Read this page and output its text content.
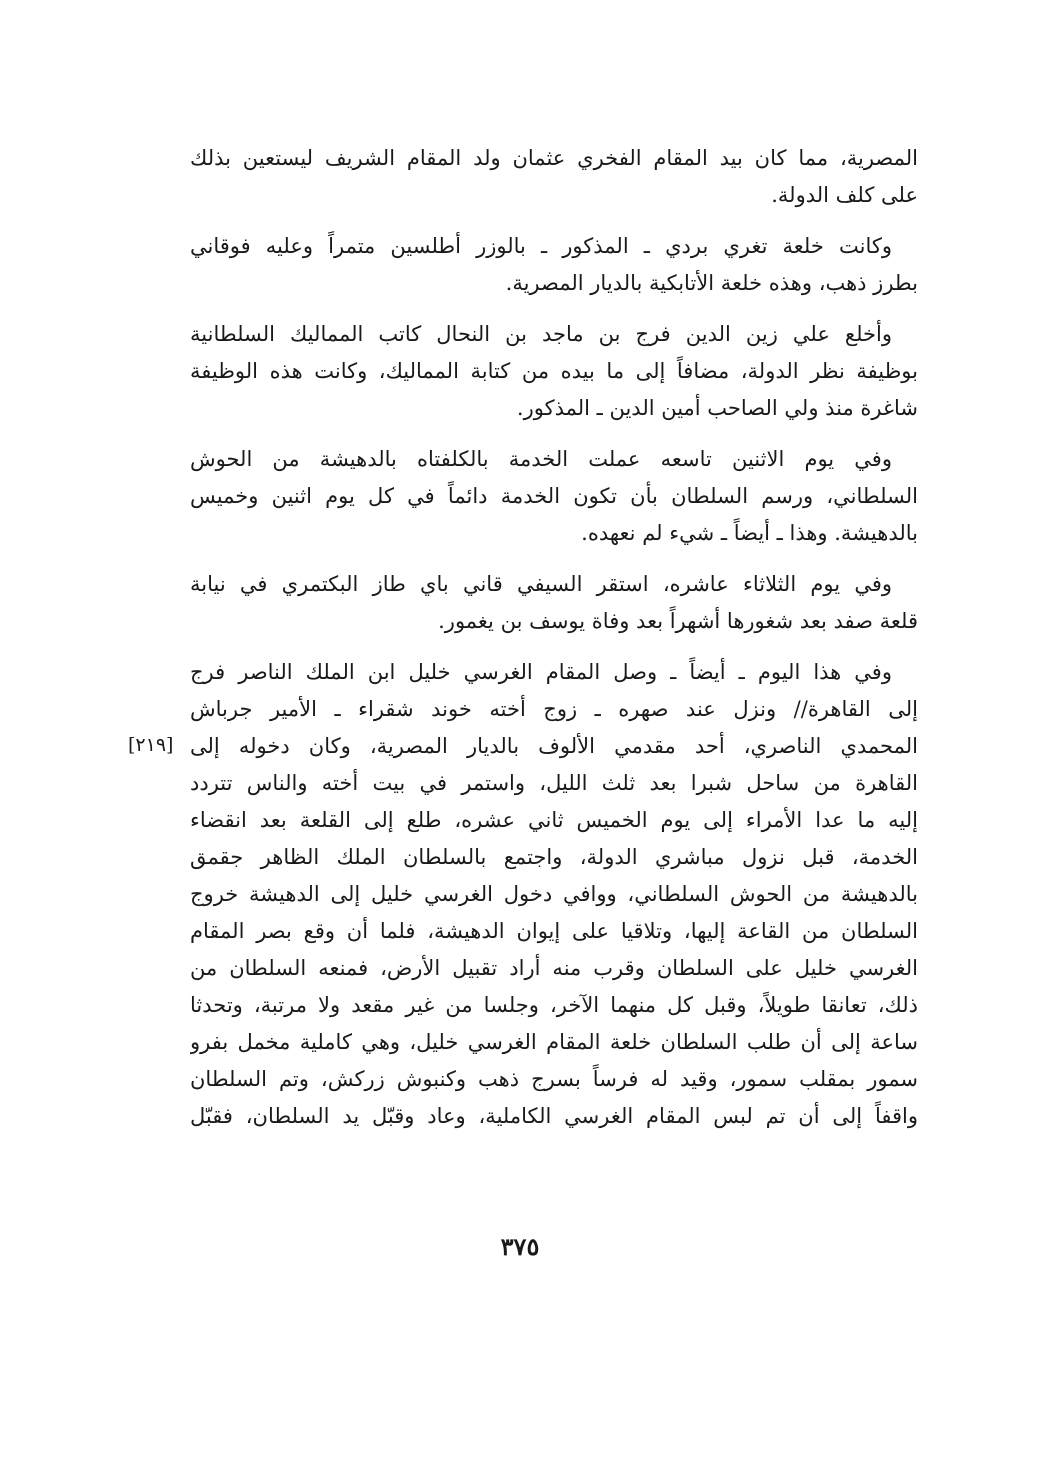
المصرية، مما كان بيد المقام الفخري عثمان ولد المقام الشريف ليستعين بذلك
على كلف الدولة.

وكانت خلعة تغري بردي ـ المذكور ـ بالوزر أطلسين متمراً وعليه فوقاني
بطرز ذهب، وهذه خلعة الأتابكية بالديار المصرية.

وأخلع علي زين الدين فرج بن ماجد بن النحال كاتب المماليك السلطانية
بوظيفة نظر الدولة، مضافاً إلى ما بيده من كتابة المماليك، وكانت هذه الوظيفة
شاغرة منذ ولي الصاحب أمين الدين ـ المذكور.

وفي يوم الاثنين تاسعه عملت الخدمة بالكلفتاه بالدهيشة من الحوش
السلطاني، ورسم السلطان بأن تكون الخدمة دائماً في كل يوم اثنين وخميس
بالدهيشة. وهذا ـ أيضاً ـ شيء لم نعهده.

وفي يوم الثلاثاء عاشره، استقر السيفي قاني باي طاز البكتمري في نيابة
قلعة صفد بعد شغورها أشهراً بعد وفاة يوسف بن يغمور.

وفي هذا اليوم ـ أيضاً ـ وصل المقام الغرسي خليل ابن الملك الناصر فرج
إلى القاهرة// ونزل عند صهره ـ زوج أخته خوند شقراء ـ الأمير جرباش
المحمدي الناصري، أحد مقدمي الألوف بالديار المصرية، وكان دخوله إلى
القاهرة من ساحل شبرا بعد ثلث الليل، واستمر في بيت أخته والناس تتردد
إليه ما عدا الأمراء إلى يوم الخميس ثاني عشره، طلع إلى القلعة بعد انقضاء
الخدمة، قبل نزول مباشري الدولة، واجتمع بالسلطان الملك الظاهر جقمق
بالدهيشة من الحوش السلطاني، ووافي دخول الغرسي خليل إلى الدهيشة خروج
السلطان من القاعة إليها، وتلاقيا على إيوان الدهيشة، فلما أن وقع بصر المقام
الغرسي خليل على السلطان وقرب منه أراد تقبيل الأرض، فمنعه السلطان من
ذلك، تعانقا طويلاً، وقبل كل منهما الآخر، وجلسا من غير مقعد ولا مرتبة، وتحدثا
ساعة إلى أن طلب السلطان خلعة المقام الغرسي خليل، وهي كاملية مخمل بفرو
سمور بمقلب سمور، وقيد له فرساً بسرج ذهب وكنبوش زركش، وتم السلطان
واقفاً إلى أن تم لبس المقام الغرسي الكاملية، وعاد وقبّل يد السلطان، فقبّل

[٢١٩]
٣٧٥
